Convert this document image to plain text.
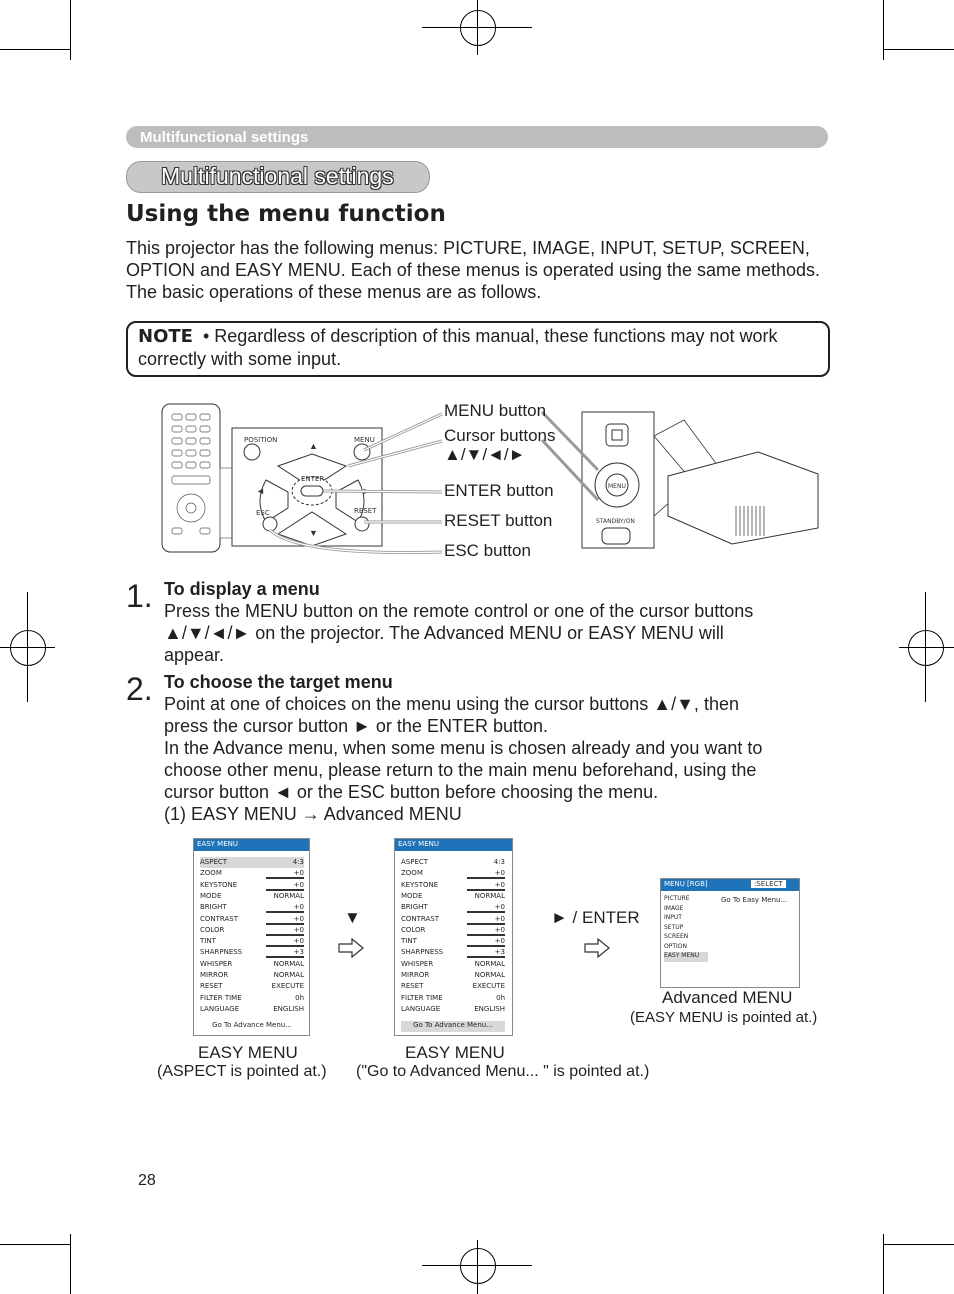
Multifunctional settings
Multifunctional settings
Using the menu function
This projector has the following menus: PICTURE, IMAGE, INPUT, SETUP, SCREEN, OPTION and EASY MENU. Each of these menus is operated using the same methods. The basic operations of these menus are as follows.
NOTE • Regardless of description of this manual, these functions may not work correctly with some input.
POSITION	MENU
ENTER
ESC	RESET
▲
▼
◄	►	MENU
STANDBY/ON
MENU button
Cursor buttons
▲/▼/◄/►
ENTER button
RESET button
ESC button
1. To display a menu
Press the MENU button on the remote control or one of the cursor buttons
▲/▼/◄/► on the projector. The Advanced MENU or EASY MENU will
appear.
2. To choose the target menu
Point at one of choices on the menu using the cursor buttons ▲/▼, then
press the cursor button ► or the ENTER button.
In the Advance menu, when some menu is chosen already and you want to
choose other menu, please return to the main menu beforehand, using the
cursor button ◄ or the ESC button before choosing the menu.
(1) EASY MENU → Advanced MENU
EASY MENU
ASPECT	4:3
ZOOM	+0
KEYSTONE	+0
MODE	NORMAL
BRIGHT	+0
CONTRAST	+0
COLOR	+0
TINT	+0
SHARPNESS	+3
WHISPER	NORMAL
MIRROR	NORMAL
RESET	EXECUTE
FILTER TIME	0h
LANGUAGE	ENGLISH
Go To Advance Menu...
EASY MENU
ASPECT	4:3
ZOOM	+0
KEYSTONE	+0
MODE	NORMAL
BRIGHT	+0
CONTRAST	+0
COLOR	+0
TINT	+0
SHARPNESS	+3
WHISPER	NORMAL
MIRROR	NORMAL
RESET	EXECUTE
FILTER TIME	0h
LANGUAGE	ENGLISH
Go To Advance Menu...
MENU [RGB]	:SELECT
PICTURE
IMAGE
INPUT
SETUP
SCREEN
OPTION
EASY MENU
Go To Easy Menu...
▼	► / ENTER
EASY MENU
(ASPECT is pointed at.)
EASY MENU
("Go to Advanced Menu... " is pointed at.)
Advanced MENU
(EASY MENU is pointed at.)
28
